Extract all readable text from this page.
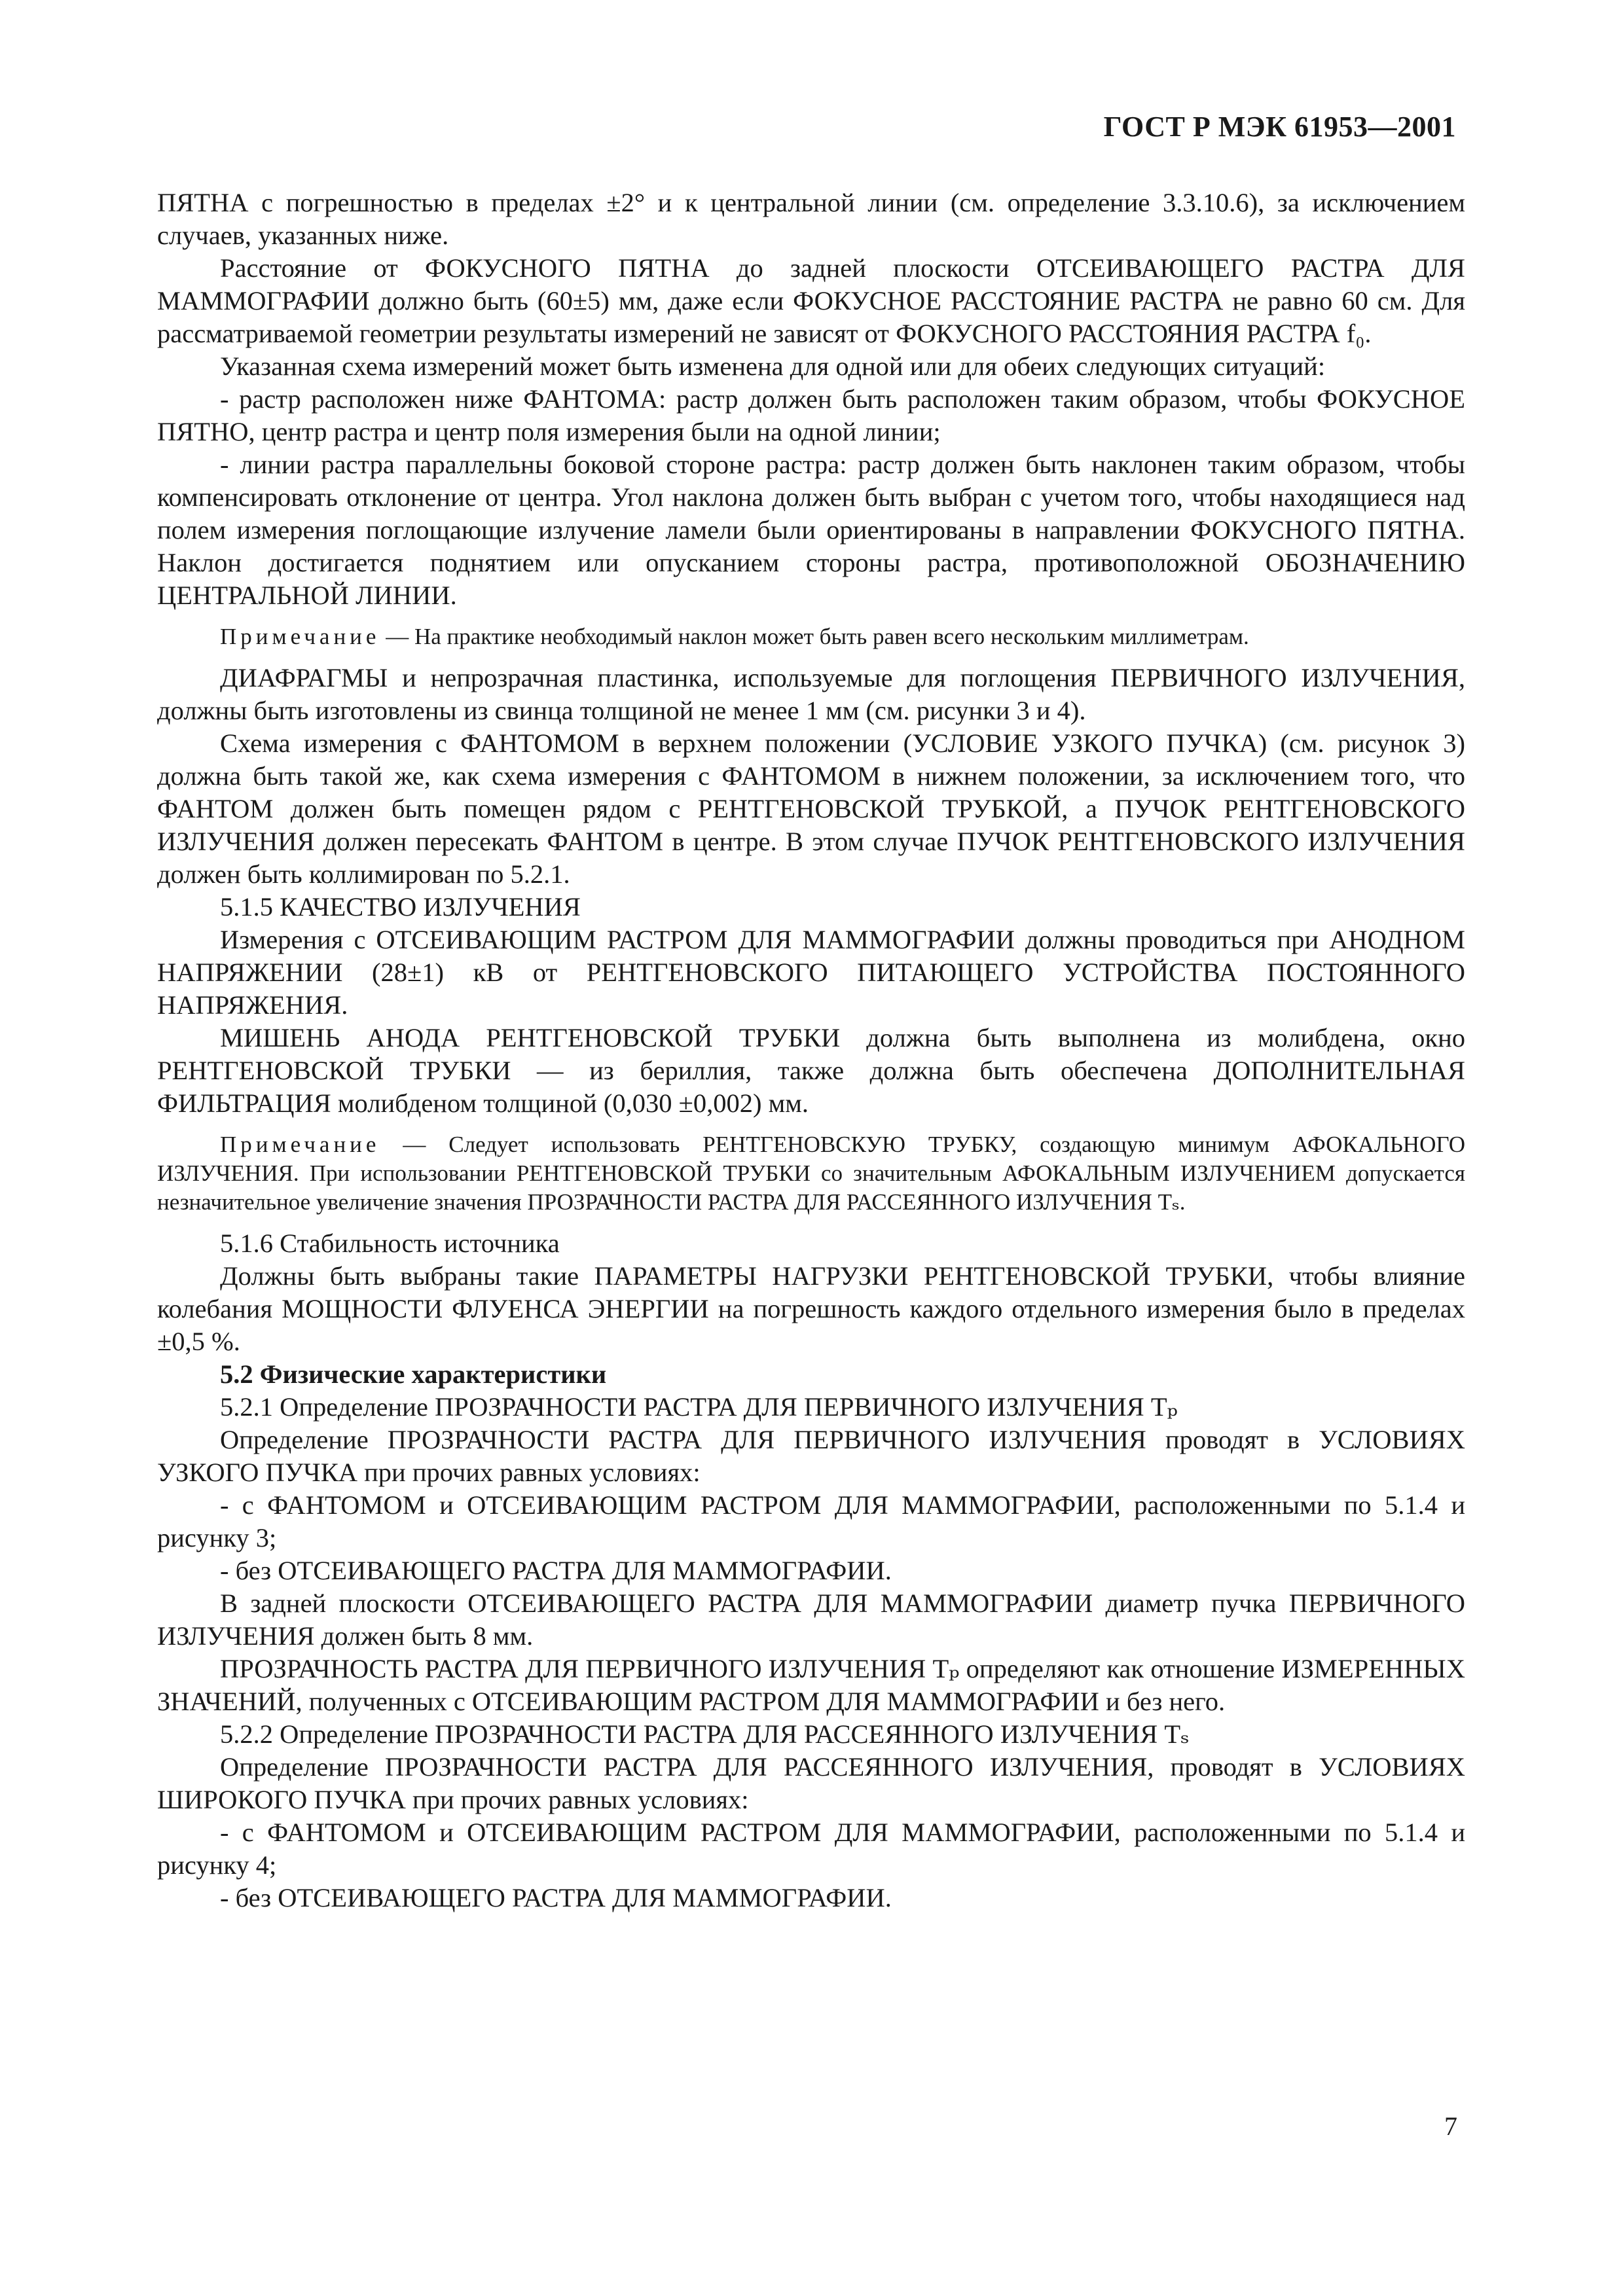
ГОСТ Р МЭК 61953—2001

ПЯТНА с погрешностью в пределах ±2° и к центральной линии (см. определение 3.3.10.6), за исключением случаев, указанных ниже.

Расстояние от ФОКУСНОГО ПЯТНА до задней плоскости ОТСЕИВАЮЩЕГО РАСТРА ДЛЯ МАММОГРАФИИ должно быть (60±5) мм, даже если ФОКУСНОЕ РАССТОЯНИЕ РАСТРА не равно 60 см. Для рассматриваемой геометрии результаты измерений не зависят от ФОКУСНОГО РАССТОЯНИЯ РАСТРА f₀.

Указанная схема измерений может быть изменена для одной или для обеих следующих ситуаций:

- растр расположен ниже ФАНТОМА: растр должен быть расположен таким образом, чтобы ФОКУСНОЕ ПЯТНО, центр растра и центр поля измерения были на одной линии;

- линии растра параллельны боковой стороне растра: растр должен быть наклонен таким образом, чтобы компенсировать отклонение от центра. Угол наклона должен быть выбран с учетом того, чтобы находящиеся над полем измерения поглощающие излучение ламели были ориентированы в направлении ФОКУСНОГО ПЯТНА. Наклон достигается поднятием или опусканием стороны растра, противоположной ОБОЗНАЧЕНИЮ ЦЕНТРАЛЬНОЙ ЛИНИИ.

Примечание — На практике необходимый наклон может быть равен всего нескольким миллиметрам.

ДИАФРАГМЫ и непрозрачная пластинка, используемые для поглощения ПЕРВИЧНОГО ИЗЛУЧЕНИЯ, должны быть изготовлены из свинца толщиной не менее 1 мм (см. рисунки 3 и 4).

Схема измерения с ФАНТОМОМ в верхнем положении (УСЛОВИЕ УЗКОГО ПУЧКА) (см. рисунок 3) должна быть такой же, как схема измерения с ФАНТОМОМ в нижнем положении, за исключением того, что ФАНТОМ должен быть помещен рядом с РЕНТГЕНОВСКОЙ ТРУБКОЙ, а ПУЧОК РЕНТГЕНОВСКОГО ИЗЛУЧЕНИЯ должен пересекать ФАНТОМ в центре. В этом случае ПУЧОК РЕНТГЕНОВСКОГО ИЗЛУЧЕНИЯ должен быть коллимирован по 5.2.1.

5.1.5 КАЧЕСТВО ИЗЛУЧЕНИЯ

Измерения с ОТСЕИВАЮЩИМ РАСТРОМ ДЛЯ МАММОГРАФИИ должны проводиться при АНОДНОМ НАПРЯЖЕНИИ (28±1) кВ от РЕНТГЕНОВСКОГО ПИТАЮЩЕГО УСТРОЙСТВА ПОСТОЯННОГО НАПРЯЖЕНИЯ.

МИШЕНЬ АНОДА РЕНТГЕНОВСКОЙ ТРУБКИ должна быть выполнена из молибдена, окно РЕНТГЕНОВСКОЙ ТРУБКИ — из бериллия, также должна быть обеспечена ДОПОЛНИТЕЛЬНАЯ ФИЛЬТРАЦИЯ молибденом толщиной (0,030 ±0,002) мм.

Примечание — Следует использовать РЕНТГЕНОВСКУЮ ТРУБКУ, создающую минимум АФОКАЛЬНОГО ИЗЛУЧЕНИЯ. При использовании РЕНТГЕНОВСКОЙ ТРУБКИ со значительным АФОКАЛЬНЫМ ИЗЛУЧЕНИЕМ допускается незначительное увеличение значения ПРОЗРАЧНОСТИ РАСТРА ДЛЯ РАССЕЯННОГО ИЗЛУЧЕНИЯ Tₛ.

5.1.6 Стабильность источника

Должны быть выбраны такие ПАРАМЕТРЫ НАГРУЗКИ РЕНТГЕНОВСКОЙ ТРУБКИ, чтобы влияние колебания МОЩНОСТИ ФЛУЕНСА ЭНЕРГИИ на погрешность каждого отдельного измерения было в пределах ±0,5 %.

5.2 Физические характеристики

5.2.1 Определение ПРОЗРАЧНОСТИ РАСТРА ДЛЯ ПЕРВИЧНОГО ИЗЛУЧЕНИЯ Tₚ

Определение ПРОЗРАЧНОСТИ РАСТРА ДЛЯ ПЕРВИЧНОГО ИЗЛУЧЕНИЯ проводят в УСЛОВИЯХ УЗКОГО ПУЧКА при прочих равных условиях:

- с ФАНТОМОМ и ОТСЕИВАЮЩИМ РАСТРОМ ДЛЯ МАММОГРАФИИ, расположенными по 5.1.4 и рисунку 3;

- без ОТСЕИВАЮЩЕГО РАСТРА ДЛЯ МАММОГРАФИИ.

В задней плоскости ОТСЕИВАЮЩЕГО РАСТРА ДЛЯ МАММОГРАФИИ диаметр пучка ПЕРВИЧНОГО ИЗЛУЧЕНИЯ должен быть 8 мм.

ПРОЗРАЧНОСТЬ РАСТРА ДЛЯ ПЕРВИЧНОГО ИЗЛУЧЕНИЯ Tₚ определяют как отношение ИЗМЕРЕННЫХ ЗНАЧЕНИЙ, полученных с ОТСЕИВАЮЩИМ РАСТРОМ ДЛЯ МАММОГРАФИИ и без него.

5.2.2 Определение ПРОЗРАЧНОСТИ РАСТРА ДЛЯ РАССЕЯННОГО ИЗЛУЧЕНИЯ Tₛ

Определение ПРОЗРАЧНОСТИ РАСТРА ДЛЯ РАССЕЯННОГО ИЗЛУЧЕНИЯ, проводят в УСЛОВИЯХ ШИРОКОГО ПУЧКА при прочих равных условиях:

- с ФАНТОМОМ и ОТСЕИВАЮЩИМ РАСТРОМ ДЛЯ МАММОГРАФИИ, расположенными по 5.1.4 и рисунку 4;

- без ОТСЕИВАЮЩЕГО РАСТРА ДЛЯ МАММОГРАФИИ.

7
